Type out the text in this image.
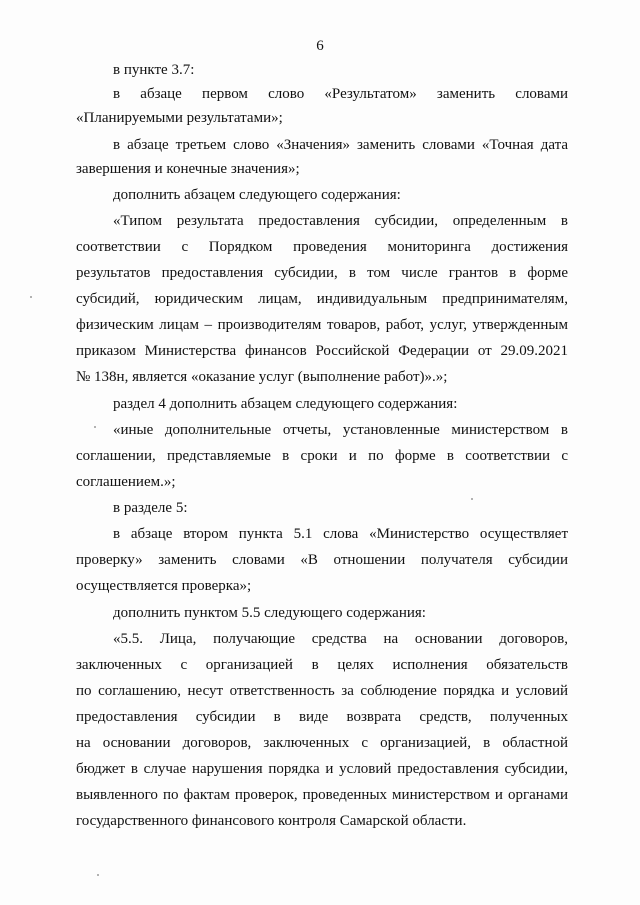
6
в пункте 3.7:
в абзаце первом слово «Результатом» заменить словами
«Планируемыми результатами»;
в абзаце третьем слово «Значения» заменить словами «Точная дата
завершения и конечные значения»;
дополнить абзацем следующего содержания:
«Типом результата предоставления субсидии, определенным в
соответствии с Порядком проведения мониторинга достижения
результатов предоставления субсидии, в том числе грантов в форме
субсидий, юридическим лицам, индивидуальным предпринимателям,
физическим лицам – производителям товаров, работ, услуг, утвержденным
приказом Министерства финансов Российской Федерации от 29.09.2021
№ 138н, является «оказание услуг (выполнение работ)».»;
раздел 4 дополнить абзацем следующего содержания:
«иные дополнительные отчеты, установленные министерством в
соглашении, представляемые в сроки и по форме в соответствии с
соглашением.»;
в разделе 5:
в абзаце втором пункта 5.1 слова «Министерство осуществляет
проверку» заменить словами «В отношении получателя субсидии
осуществляется проверка»;
дополнить пунктом 5.5 следующего содержания:
«5.5. Лица, получающие средства на основании договоров,
заключенных с организацией в целях исполнения обязательств
по соглашению, несут ответственность за соблюдение порядка и условий
предоставления субсидии в виде возврата средств, полученных
на основании договоров, заключенных с организацией, в областной
бюджет в случае нарушения порядка и условий предоставления субсидии,
выявленного по фактам проверок, проведенных министерством и органами
государственного финансового контроля Самарской области.
